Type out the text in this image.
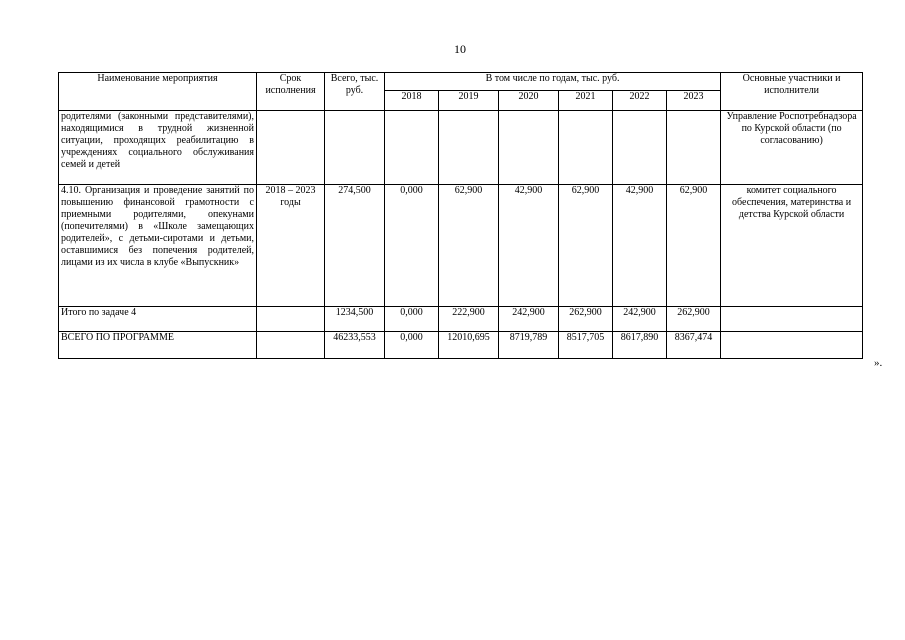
10
Наименование мероприятия	Срок исполнения	Всего, тыс. руб.	В том числе по годам, тыс. руб.						Основные участники и исполнители
			2018	2019	2020	2021	2022	2023	
родителями (законными представителями), находящимися в трудной жизненной ситуации, проходящих реабилитацию в учреждениях социального обслуживания семей и детей									Управление Роспотребнадзора по Курской области (по согласованию)
4.10. Организация и проведение занятий по повышению финансовой грамотности с приемными родителями, опекунами (попечителями) в «Школе замещающих родителей», с детьми-сиротами и детьми, оставшимися без попечения родителей, лицами из их числа в клубе «Выпускник»	2018 – 2023 годы	274,500	0,000	62,900	42,900	62,900	42,900	62,900	комитет социального обеспечения, материнства и детства Курской области
Итого по задаче 4		1234,500	0,000	222,900	242,900	262,900	242,900	262,900	
ВСЕГО ПО ПРОГРАММЕ		46233,553	0,000	12010,695	8719,789	8517,705	8617,890	8367,474	
».
